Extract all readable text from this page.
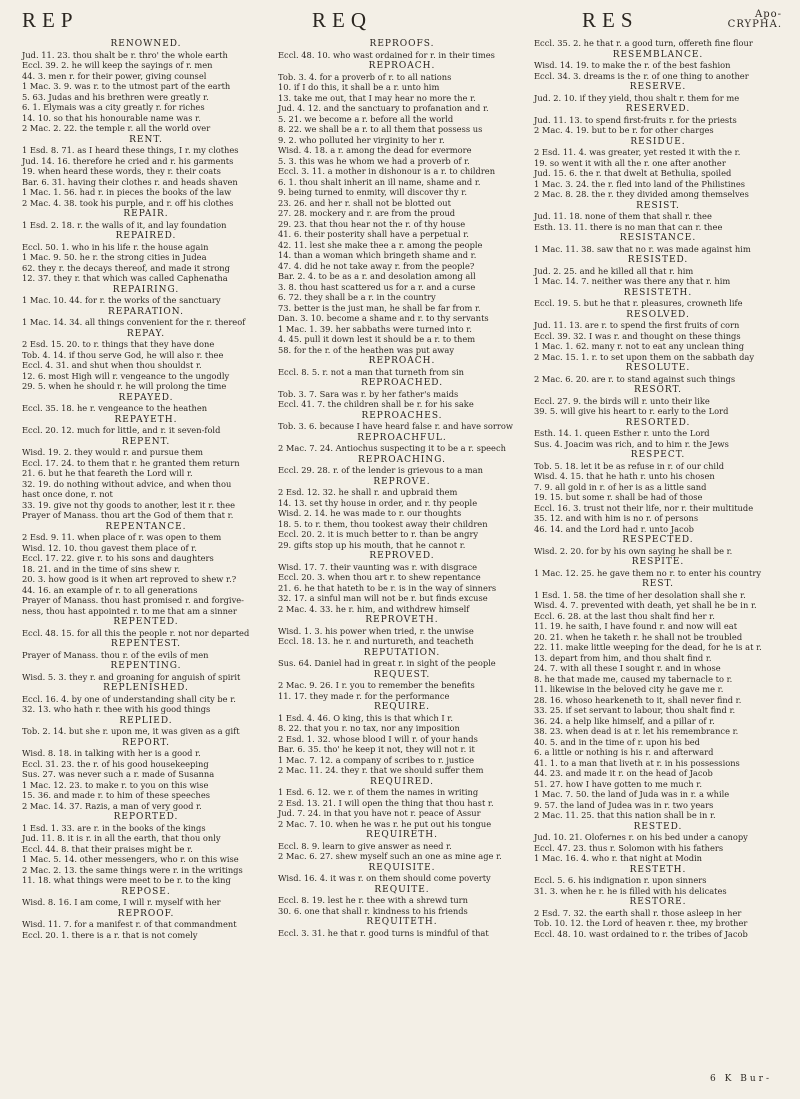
REP	REQ	RES	Apo-
CRYPHA.
RENOWNED.
Jud. 11. 23. thou shalt be r. thro' the whole earth
Eccl. 39. 2. he will keep the sayings of r. men
44. 3. men r. for their power, giving counsel
1 Mac. 3. 9. was r. to the utmost part of the earth
5. 63. Judas and his brethren were greatly r.
6. 1. Elymais was a city greatly r. for riches
14. 10. so that his honourable name was r.
2 Mac. 2. 22. the temple r. all the world over
RENT.
1 Esd. 8. 71. as I heard these things, I r. my clothes
Jud. 14. 16. therefore he cried and r. his garments
19. when heard these words, they r. their coats
Bar. 6. 31. having their clothes r. and heads shaven
1 Mac. 1. 56. had r. in pieces the books of the law
2 Mac. 4. 38. took his purple, and r. off his clothes
REPAIR.
1 Esd. 2. 18. r. the walls of it, and lay foundation
REPAIRED.
Eccl. 50. 1. who in his life r. the house again
1 Mac. 9. 50. he r. the strong cities in Judea
62. they r. the decays thereof, and made it strong
12. 37. they r. that which was called Caphenatha
REPAIRING.
1 Mac. 10. 44. for r. the works of the sanctuary
REPARATION.
1 Mac. 14. 34. all things convenient for the r. thereof
REPAY.
2 Esd. 15. 20. to r. things that they have done
Tob. 4. 14. if thou serve God, he will also r. thee
Eccl. 4. 31. and shut when thou shouldst r.
12. 6. most High will r. vengeance to the ungodly
29. 5. when he should r. he will prolong the time
REPAYED.
Eccl. 35. 18. he r. vengeance to the heathen
REPAYETH.
Eccl. 20. 12. much for little, and r. it seven-fold
REPENT.
Wisd. 19. 2. they would r. and pursue them
Eccl. 17. 24. to them that r. he granted them return
21. 6. but he that feareth the Lord will r.
32. 19. do nothing without advice, and when thou
hast once done, r. not
33. 19. give not thy goods to another, lest it r. thee
Prayer of Manass. thou art the God of them that r.
REPENTANCE.
2 Esd. 9. 11. when place of r. was open to them
Wisd. 12. 10. thou gavest them place of r.
Eccl. 17. 22. give r. to his sons and daughters
18. 21. and in the time of sins shew r.
20. 3. how good is it when art reproved to shew r.?
44. 16. an example of r. to all generations
Prayer of Manass. thou hast promised r. and forgive-
ness, thou hast appointed r. to me that am a sinner
REPENTED.
Eccl. 48. 15. for all this the people r. not nor departed
REPENTEST.
Prayer of Manass. thou r. of the evils of men
REPENTING.
Wisd. 5. 3. they r. and groaning for anguish of spirit
REPLENISHED.
Eccl. 16. 4. by one of understanding shall city be r.
32. 13. who hath r. thee with his good things
REPLIED.
Tob. 2. 14. but she r. upon me, it was given as a gift
REPORT.
Wisd. 8. 18. in talking with her is a good r.
Eccl. 31. 23. the r. of his good housekeeping
Sus. 27. was never such a r. made of Susanna
1 Mac. 12. 23. to make r. to you on this wise
15. 36. and made r. to him of these speeches
2 Mac. 14. 37. Razis, a man of very good r.
REPORTED.
1 Esd. 1. 33. are r. in the books of the kings
Jud. 11. 8. it is r. in all the earth, that thou only
Eccl. 44. 8. that their praises might be r.
1 Mac. 5. 14. other messengers, who r. on this wise
2 Mac. 2. 13. the same things were r. in the writings
11. 18. what things were meet to be r. to the king
REPOSE.
Wisd. 8. 16. I am come, I will r. myself with her
REPROOF.
Wisd. 11. 7. for a manifest r. of that commandment
Eccl. 20. 1. there is a r. that is not comely
REPROOFS.
Eccl. 48. 10. who wast ordained for r. in their times
REPROACH.
Tob. 3. 4. for a proverb of r. to all nations
10. if I do this, it shall be a r. unto him
13. take me out, that I may hear no more the r.
Jud. 4. 12. and the sanctuary to profanation and r.
5. 21. we become a r. before all the world
8. 22. we shall be a r. to all them that possess us
9. 2. who polluted her virginity to her r.
Wisd. 4. 18. a r. among the dead for evermore
5. 3. this was he whom we had a proverb of r.
Eccl. 3. 11. a mother in dishonour is a r. to children
6. 1. thou shalt inherit an ill name, shame and r.
9. being turned to enmity, will discover thy r.
23. 26. and her r. shall not be blotted out
27. 28. mockery and r. are from the proud
29. 23. that thou hear not the r. of thy house
41. 6. their posterity shall have a perpetual r.
42. 11. lest she make thee a r. among the people
14. than a woman which bringeth shame and r.
47. 4. did he not take away r. from the people?
Bar. 2. 4. to be as a r. and desolation among all
3. 8. thou hast scattered us for a r. and a curse
6. 72. they shall be a r. in the country
73. better is the just man, he shall be far from r.
Dan. 3. 10. become a shame and r. to thy servants
1 Mac. 1. 39. her sabbaths were turned into r.
4. 45. pull it down lest it should be a r. to them
58. for the r. of the heathen was put away
REPROACH.
Eccl. 8. 5. r. not a man that turneth from sin
REPROACHED.
Tob. 3. 7. Sara was r. by her father's maids
Eccl. 41. 7. the children shall be r. for his sake
REPROACHES.
Tob. 3. 6. because I have heard false r. and have sorrow
REPROACHFUL.
2 Mac. 7. 24. Antiochus suspecting it to be a r. speech
REPROACHING.
Eccl. 29. 28. r. of the lender is grievous to a man
REPROVE.
2 Esd. 12. 32. he shall r. and upbraid them
14. 13. set thy house in order, and r. thy people
Wisd. 2. 14. he was made to r. our thoughts
18. 5. to r. them, thou tookest away their children
Eccl. 20. 2. it is much better to r. than be angry
29. gifts stop up his mouth, that he cannot r.
REPROVED.
Wisd. 17. 7. their vaunting was r. with disgrace
Eccl. 20. 3. when thou art r. to shew repentance
21. 6. he that hateth to be r. is in the way of sinners
32. 17. a sinful man will not be r. but finds excuse
2 Mac. 4. 33. he r. him, and withdrew himself
REPROVETH.
Wisd. 1. 3. his power when tried, r. the unwise
Eccl. 18. 13. he r. and nurtureth, and teacheth
REPUTATION.
Sus. 64. Daniel had in great r. in sight of the people
REQUEST.
2 Mac. 9. 26. I r. you to remember the benefits
11. 17. they made r. for the performance
REQUIRE.
1 Esd. 4. 46. O king, this is that which I r.
8. 22. that you r. no tax, nor any imposition
2 Esd. 1. 32. whose blood I will r. of your hands
Bar. 6. 35. tho' he keep it not, they will not r. it
1 Mac. 7. 12. a company of scribes to r. justice
2 Mac. 11. 24. they r. that we should suffer them
REQUIRED.
1 Esd. 6. 12. we r. of them the names in writing
2 Esd. 13. 21. I will open the thing that thou hast r.
Jud. 7. 24. in that you have not r. peace of Assur
2 Mac. 7. 10. when he was r. he put out his tongue
REQUIRETH.
Eccl. 8. 9. learn to give answer as need r.
2 Mac. 6. 27. shew myself such an one as mine age r.
REQUISITE.
Wisd. 16. 4. it was r. on them should come poverty
REQUITE.
Eccl. 8. 19. lest he r. thee with a shrewd turn
30. 6. one that shall r. kindness to his friends
REQUITETH.
Eccl. 3. 31. he that r. good turns is mindful of that
Eccl. 35. 2. he that r. a good turn, offereth fine flour
RESEMBLANCE.
Wisd. 14. 19. to make the r. of the best fashion
Eccl. 34. 3. dreams is the r. of one thing to another
RESERVE.
Jud. 2. 10. if they yield, thou shalt r. them for me
RESERVED.
Jud. 11. 13. to spend first-fruits r. for the priests
2 Mac. 4. 19. but to be r. for other charges
RESIDUE.
2 Esd. 11. 4. was greater, yet rested it with the r.
19. so went it with all the r. one after another
Jud. 15. 6. the r. that dwelt at Bethulia, spoiled
1 Mac. 3. 24. the r. fled into land of the Philistines
2 Mac. 8. 28. the r. they divided among themselves
RESIST.
Jud. 11. 18. none of them that shall r. thee
Esth. 13. 11. there is no man that can r. thee
RESISTANCE.
1 Mac. 11. 38. saw that no r. was made against him
RESISTED.
Jud. 2. 25. and he killed all that r. him
1 Mac. 14. 7. neither was there any that r. him
RESISTETH.
Eccl. 19. 5. but he that r. pleasures, crowneth life
RESOLVED.
Jud. 11. 13. are r. to spend the first fruits of corn
Eccl. 39. 32. I was r. and thought on these things
1 Mac. 1. 62. many r. not to eat any unclean thing
2 Mac. 15. 1. r. to set upon them on the sabbath day
RESOLUTE.
2 Mac. 6. 20. are r. to stand against such things
RESORT.
Eccl. 27. 9. the birds will r. unto their like
39. 5. will give his heart to r. early to the Lord
RESORTED.
Esth. 14. 1. queen Esther r. unto the Lord
Sus. 4. Joacim was rich, and to him r. the Jews
RESPECT.
Tob. 5. 18. let it be as refuse in r. of our child
Wisd. 4. 15. that he hath r. unto his chosen
7. 9. all gold in r. of her is as a little sand
19. 15. but some r. shall be had of those
Eccl. 16. 3. trust not their life, nor r. their multitude
35. 12. and with him is no r. of persons
46. 14. and the Lord had r. unto Jacob
RESPECTED.
Wisd. 2. 20. for by his own saying he shall be r.
RESPITE.
1 Mac. 12. 25. he gave them no r. to enter his country
REST.
1 Esd. 1. 58. the time of her desolation shall she r.
Wisd. 4. 7. prevented with death, yet shall he be in r.
Eccl. 6. 28. at the last thou shalt find her r.
11. 19. he saith, I have found r. and now will eat
20. 21. when he taketh r. he shall not be troubled
22. 11. make little weeping for the dead, for he is at r.
13. depart from him, and thou shalt find r.
24. 7. with all these I sought r. and in whose
8. he that made me, caused my tabernacle to r.
11. likewise in the beloved city he gave me r.
28. 16. whoso hearkeneth to it, shall never find r.
33. 25. if set servant to labour, thou shalt find r.
36. 24. a help like himself, and a pillar of r.
38. 23. when dead is at r. let his remembrance r.
40. 5. and in the time of r. upon his bed
6. a little or nothing is his r. and afterward
41. 1. to a man that liveth at r. in his possessions
44. 23. and made it r. on the head of Jacob
51. 27. how I have gotten to me much r.
1 Mac. 7. 50. the land of Juda was in r. a while
9. 57. the land of Judea was in r. two years
2 Mac. 11. 25. that this nation shall be in r.
RESTED.
Jud. 10. 21. Olofernes r. on his bed under a canopy
Eccl. 47. 23. thus r. Solomon with his fathers
1 Mac. 16. 4. who r. that night at Modin
RESTETH.
Eccl. 5. 6. his indignation r. upon sinners
31. 3. when he r. he is filled with his delicates
RESTORE.
2 Esd. 7. 32. the earth shall r. those asleep in her
Tob. 10. 12. the Lord of heaven r. thee, my brother
Eccl. 48. 10. wast ordained to r. the tribes of Jacob
6 K Bur-
